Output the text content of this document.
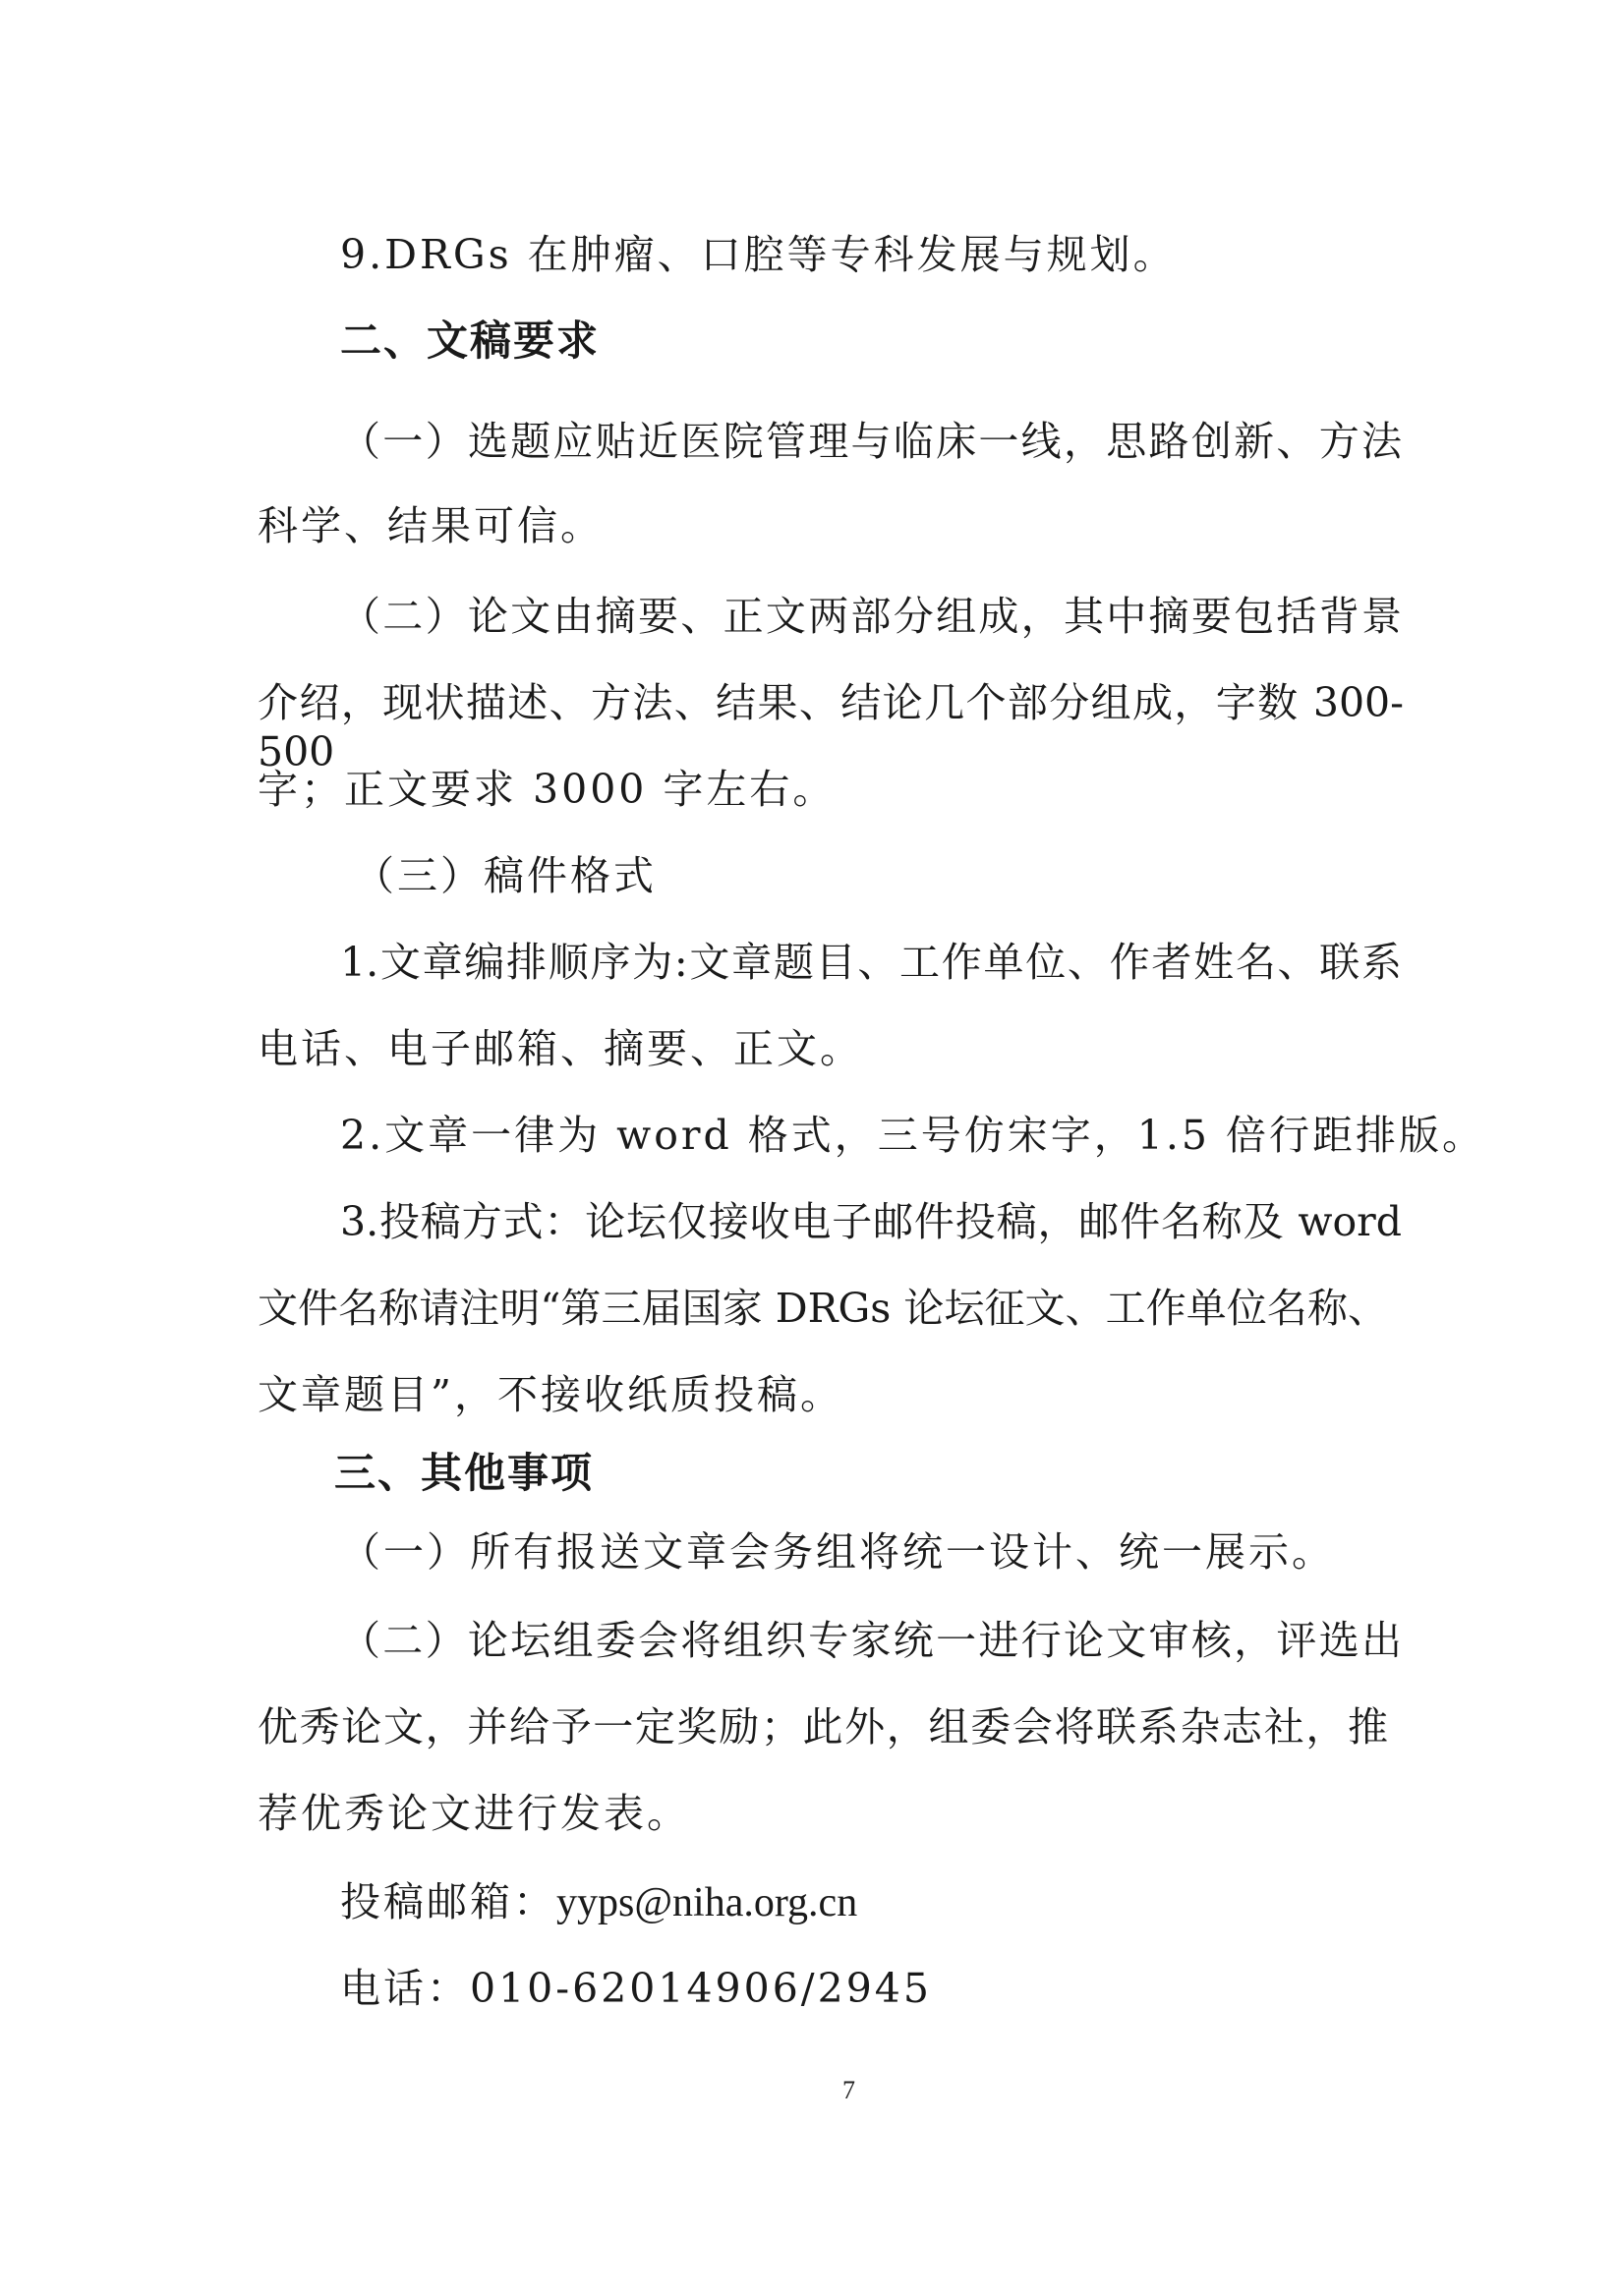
9.DRGs 在肿瘤、口腔等专科发展与规划。
二、文稿要求
（一）选题应贴近医院管理与临床一线，思路创新、方法
科学、结果可信。
（二）论文由摘要、正文两部分组成，其中摘要包括背景
介绍，现状描述、方法、结果、结论几个部分组成，字数 300-500
字；正文要求 3000 字左右。
（三）稿件格式
1.文章编排顺序为:文章题目、工作单位、作者姓名、联系
电话、电子邮箱、摘要、正文。
2.文章一律为 word 格式，三号仿宋字，1.5 倍行距排版。
3.投稿方式：论坛仅接收电子邮件投稿，邮件名称及 word
文件名称请注明“第三届国家 DRGs 论坛征文、工作单位名称、
文章题目”，不接收纸质投稿。
三、其他事项
（一）所有报送文章会务组将统一设计、统一展示。
（二）论坛组委会将组织专家统一进行论文审核，评选出
优秀论文，并给予一定奖励；此外，组委会将联系杂志社，推
荐优秀论文进行发表。
投稿邮箱：yyps@niha.org.cn
电话：010-62014906/2945
7
